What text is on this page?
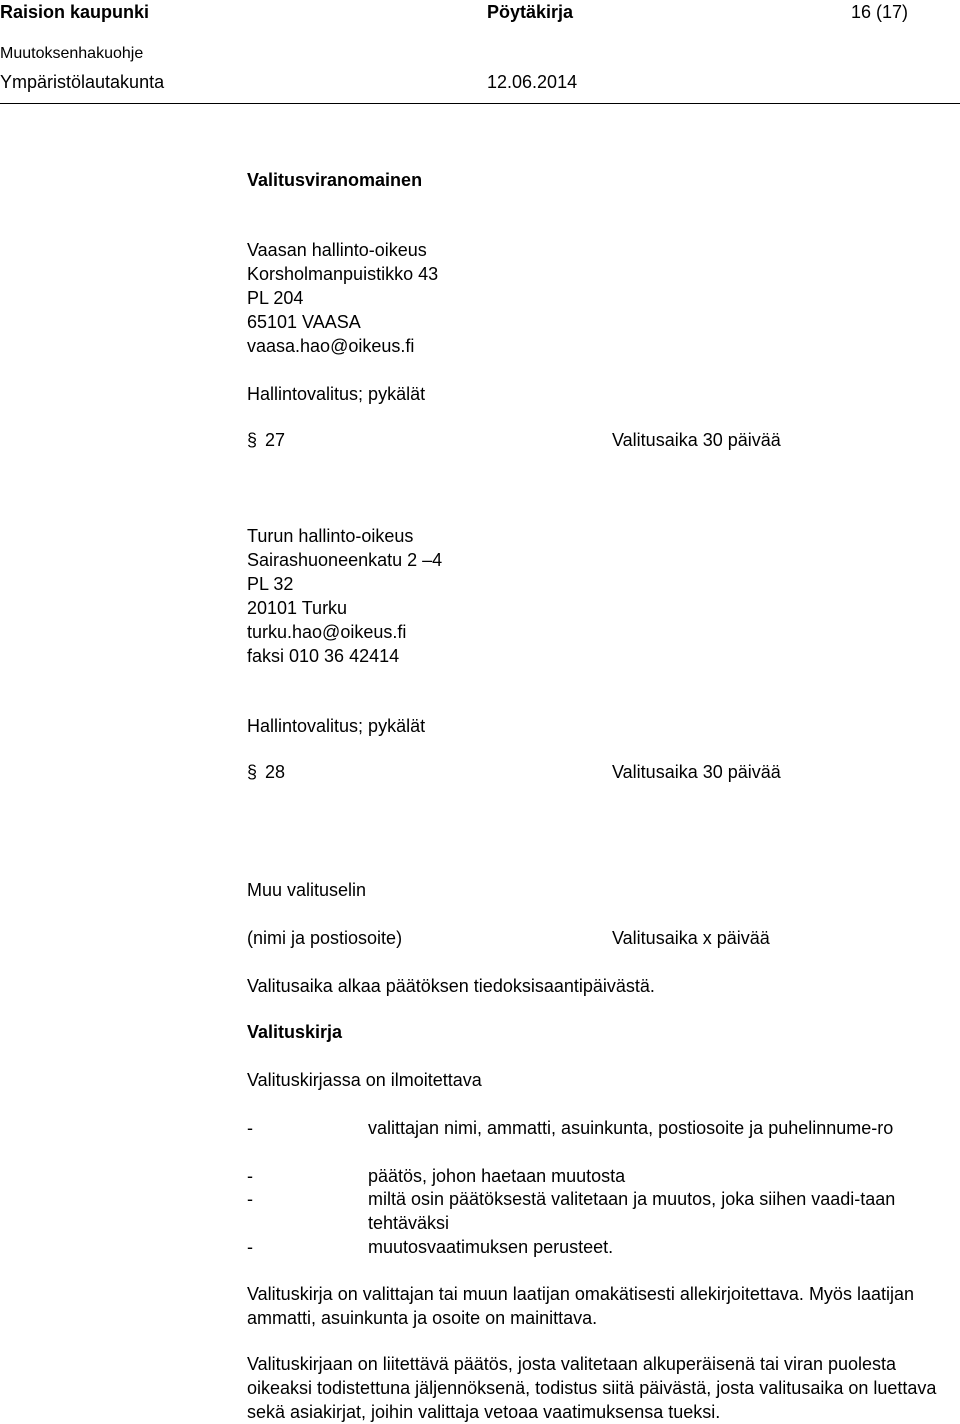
Raision kaupunki	Pöytäkirja	16 (17)
Muutoksenhakuohje
Ympäristölautakunta	12.06.2014
Valitusviranomainen
Vaasan hallinto-oikeus
Korsholmanpuistikko 43
PL 204
65101 VAASA
vaasa.hao@oikeus.fi
Hallintovalitus; pykälät
§ 27	Valitusaika 30 päivää
Turun hallinto-oikeus
Sairashuoneenkatu 2 –4
PL 32
20101 Turku
turku.hao@oikeus.fi
faksi 010 36 42414
Hallintovalitus; pykälät
§ 28	Valitusaika 30 päivää
Muu valituselin
(nimi ja postiosoite)	Valitusaika x päivää
Valitusaika alkaa päätöksen tiedoksisaantipäivästä.
Valituskirja
Valituskirjassa on ilmoitettava
-	valittajan nimi, ammatti, asuinkunta, postiosoite ja puhelinnume-ro
-	päätös, johon haetaan muutosta
-	miltä osin päätöksestä valitetaan ja muutos, joka siihen vaadi-taan tehtäväksi
-	muutosvaatimuksen perusteet.
Valituskirja on valittajan tai muun laatijan omakätisesti allekirjoitettava. Myös laatijan ammatti, asuinkunta ja osoite on mainittava.
Valituskirjaan on liitettävä päätös, josta valitetaan alkuperäisenä tai viran puolesta oikeaksi todistettuna jäljennöksenä, todistus siitä päivästä, josta valitusaika on luettava sekä asiakirjat, joihin valittaja vetoaa vaatimuksensa tueksi.
